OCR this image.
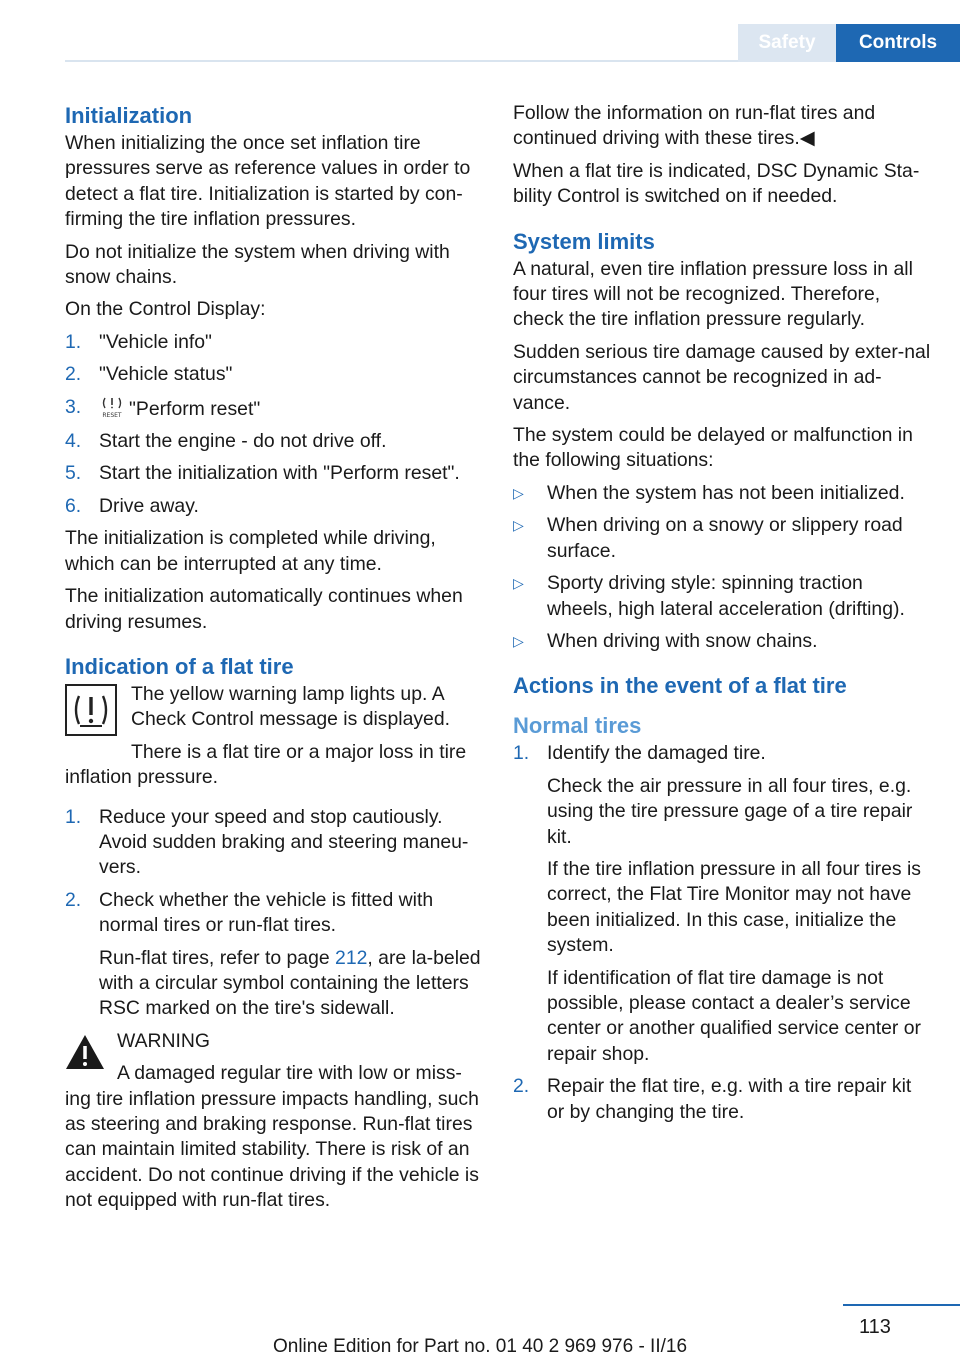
Safety	Controls
Initialization

When initializing the once set inflation tire pressures serve as reference values in order to detect a flat tire. Initialization is started by con-firming the tire inflation pressures.

Do not initialize the system when driving with snow chains.

On the Control Display:

1. "Vehicle info"
2. "Vehicle status"
3.	RESET "Perform reset"
4. Start the engine - do not drive off.
5. Start the initialization with "Perform reset".
6. Drive away.

The initialization is completed while driving, which can be interrupted at any time.

The initialization automatically continues when driving resumes.

Indication of a flat tire

The yellow warning lamp lights up. A Check Control message is displayed.

There is a flat tire or a major loss in tire inflation pressure.

1. Reduce your speed and stop cautiously. Avoid sudden braking and steering maneu-vers.
2. Check whether the vehicle is fitted with normal tires or run-flat tires.

Run-flat tires, refer to page 212, are la-beled with a circular symbol containing the letters RSC marked on the tire's sidewall.

WARNING

A damaged regular tire with low or miss-ing tire inflation pressure impacts handling, such as steering and braking response. Run-flat tires can maintain limited stability. There is risk of an accident. Do not continue driving if the vehicle is not equipped with run-flat tires.

Follow the information on run-flat tires and continued driving with these tires.◀

When a flat tire is indicated, DSC Dynamic Sta-bility Control is switched on if needed.

System limits

A natural, even tire inflation pressure loss in all four tires will not be recognized. Therefore, check the tire inflation pressure regularly.

Sudden serious tire damage caused by exter-nal circumstances cannot be recognized in ad-vance.

The system could be delayed or malfunction in the following situations:

▷ When the system has not been initialized.
▷ When driving on a snowy or slippery road surface.
▷ Sporty driving style: spinning traction wheels, high lateral acceleration (drifting).
▷ When driving with snow chains.
Actions in the event of a flat tire
Normal tires
1. Identify the damaged tire.

Check the air pressure in all four tires, e.g. using the tire pressure gage of a tire repair kit.

If the tire inflation pressure in all four tires is correct, the Flat Tire Monitor may not have been initialized. In this case, initialize the system.

If identification of flat tire damage is not possible, please contact a dealer’s service center or another qualified service center or repair shop.

2. Repair the flat tire, e.g. with a tire repair kit or by changing the tire.
113
Online Edition for Part no. 01 40 2 969 976 - II/16
